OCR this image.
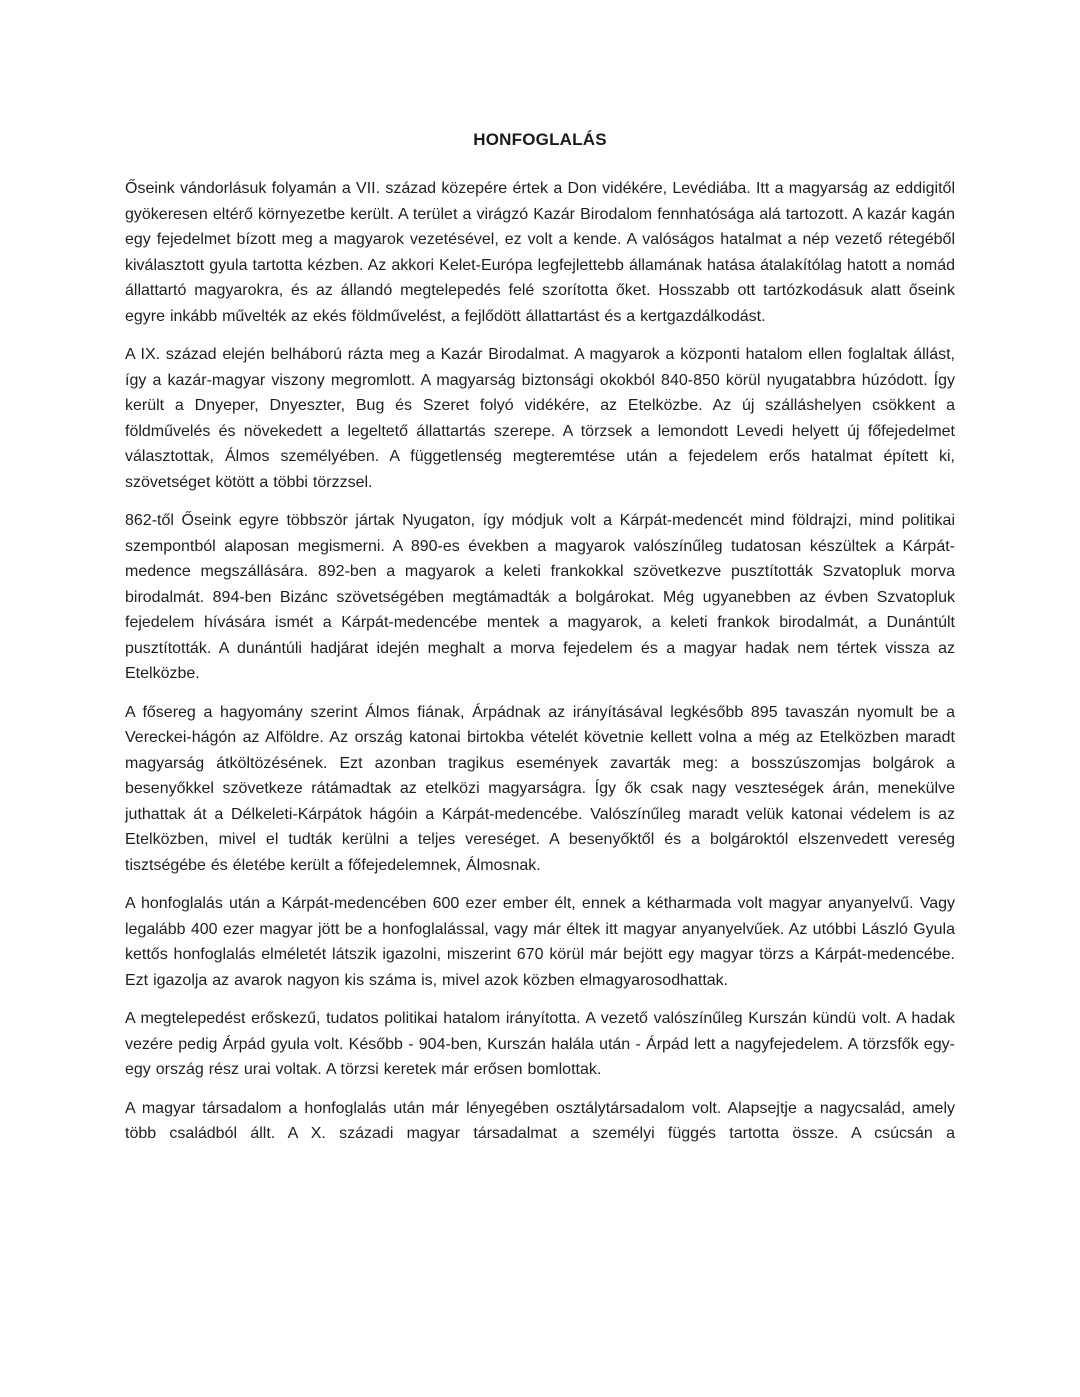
HONFOGLALÁS

Őseink vándorlásuk folyamán a VII. század közepére értek a Don vidékére, Levédiába. Itt a magyarság az eddigitől gyökeresen eltérő környezetbe került. A terület a virágzó Kazár Birodalom fennhatósága alá tartozott. A kazár kagán egy fejedelmet bízott meg a magyarok vezetésével, ez volt a kende. A valóságos hatalmat a nép vezető rétegéből kiválasztott gyula tartotta kézben. Az akkori Kelet-Európa legfejlettebb államának hatása átalakítólag hatott a nomád állattartó magyarokra, és az állandó megtelepedés felé szorította őket. Hosszabb ott tartózkodásuk alatt őseink egyre inkább művelték az ekés földművelést, a fejlődött állattartást és a kertgazdálkodást.

A IX. század elején belháború rázta meg a Kazár Birodalmat. A magyarok a központi hatalom ellen foglaltak állást, így a kazár-magyar viszony megromlott. A magyarság biztonsági okokból 840-850 körül nyugatabbra húzódott. Így került a Dnyeper, Dnyeszter, Bug és Szeret folyó vidékére, az Etelközbe. Az új szálláshelyen csökkent a földművelés és növekedett a legeltető állattartás szerepe. A törzsek a lemondott Levedi helyett új főfejedelmet választottak, Álmos személyében. A függetlenség megteremtése után a fejedelem erős hatalmat épített ki, szövetséget kötött a többi törzzsel.

862-től Őseink egyre többször jártak Nyugaton, így módjuk volt a Kárpát-medencét mind földrajzi, mind politikai szempontból alaposan megismerni. A 890-es években a magyarok valószínűleg tudatosan készültek a Kárpát-medence megszállására. 892-ben a magyarok a keleti frankokkal szövetkezve pusztították Szvatopluk morva birodalmát. 894-ben Bizánc szövetségében megtámadták a bolgárokat. Még ugyanebben az évben Szvatopluk fejedelem hívására ismét a Kárpát-medencébe mentek a magyarok, a keleti frankok birodalmát, a Dunántúlt pusztították. A dunántúli hadjárat idején meghalt a morva fejedelem és a magyar hadak nem tértek vissza az Etelközbe.

A fősereg a hagyomány szerint Álmos fiának, Árpádnak az irányításával legkésőbb 895 tavaszán nyomult be a Vereckei-hágón az Alföldre. Az ország katonai birtokba vételét követnie kellett volna a még az Etelközben maradt magyarság átköltözésének. Ezt azonban tragikus események zavarták meg: a bosszúszomjas bolgárok a besenyőkkel szövetkeze rátámadtak az etelközi magyarságra. Így ők csak nagy veszteségek árán, menekülve juthattak át a Délkeleti-Kárpátok hágóin a Kárpát-medencébe. Valószínűleg maradt velük katonai védelem is az Etelközben, mivel el tudták kerülni a teljes vereséget. A besenyőktől és a bolgároktól elszenvedett vereség tisztségébe és életébe került a főfejedelemnek, Álmosnak.

A honfoglalás után a Kárpát-medencében 600 ezer ember élt, ennek a kétharmada volt magyar anyanyelvű. Vagy legalább 400 ezer magyar jött be a honfoglalással, vagy már éltek itt magyar anyanyelvűek. Az utóbbi László Gyula kettős honfoglalás elméletét látszik igazolni, miszerint 670 körül már bejött egy magyar törzs a Kárpát-medencébe. Ezt igazolja az avarok nagyon kis száma is, mivel azok közben elmagyarosodhattak.

A megtelepedést erőskezű, tudatos politikai hatalom irányította. A vezető valószínűleg Kurszán kündü volt. A hadak vezére pedig Árpád gyula volt. Később - 904-ben, Kurszán halála után - Árpád lett a nagyfejedelem. A törzsfők egy-egy ország rész urai voltak. A törzsi keretek már erősen bomlottak.

A magyar társadalom a honfoglalás után már lényegében osztálytársadalom volt. Alapsejtje a nagycsalád, amely több családból állt. A X. századi magyar társadalmat a személyi függés tartotta össze. A csúcsán a
